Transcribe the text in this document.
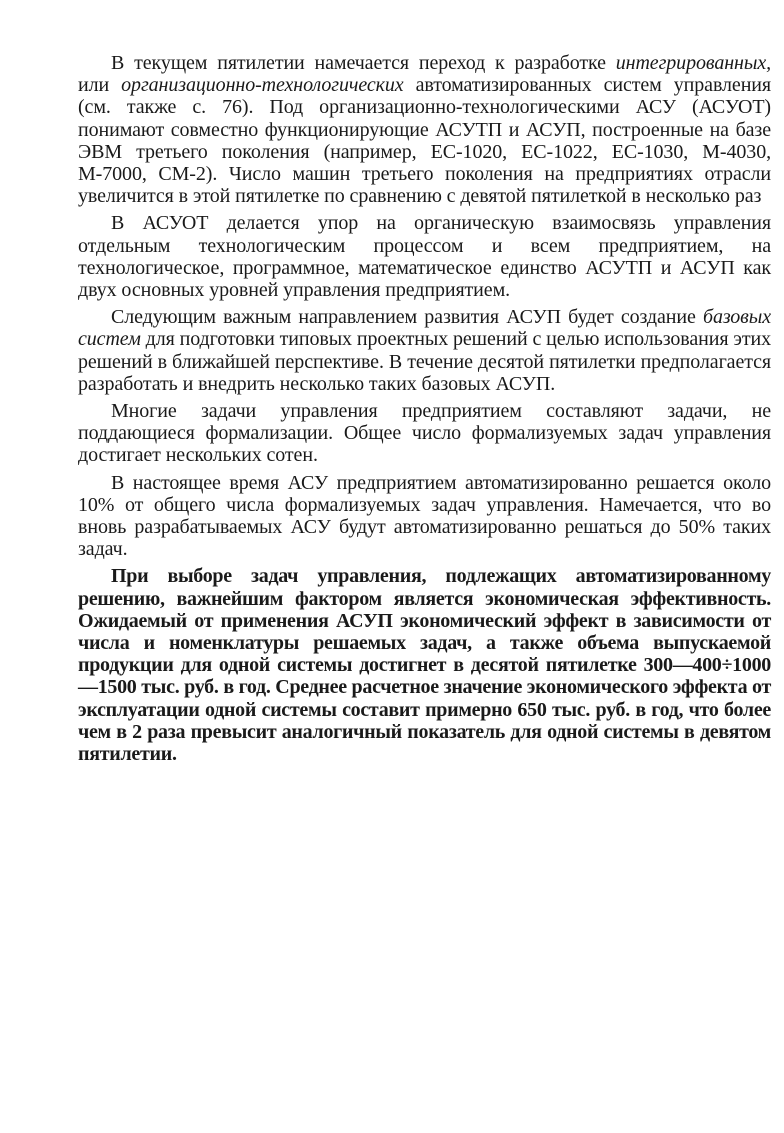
В текущем пятилетии намечается переход к разработке интегрированных, или организационно-технологических автоматизированных систем управления (см. также с. 76). Под организационно-технологическими АСУ (АСУОТ) понимают совместно функционирующие АСУТП и АСУП, построенные на базе ЭВМ третьего поколения (например, ЕС-1020, ЕС-1022, ЕС-1030, М-4030, М-7000, СМ-2). Число машин третьего поколения на предприятиях отрасли увеличится в этой пятилетке по сравнению с девятой пятилеткой в несколько раз

В АСУОТ делается упор на органическую взаимосвязь управления отдельным технологическим процессом и всем предприятием, на технологическое, программное, математическое единство АСУТП и АСУП как двух основных уровней управления предприятием.

Следующим важным направлением развития АСУП будет создание базовых систем для подготовки типовых проектных решений с целью использования этих решений в ближайшей перспективе. В течение десятой пятилетки предполагается разработать и внедрить несколько таких базовых АСУП.

Многие задачи управления предприятием составляют задачи, не поддающиеся формализации. Общее число формализуемых задач управления достигает нескольких сотен.

В настоящее время АСУ предприятием автоматизированно решается около 10% от общего числа формализуемых задач управления. Намечается, что во вновь разрабатываемых АСУ будут автоматизированно решаться до 50% таких задач.

При выборе задач управления, подлежащих автоматизированному решению, важнейшим фактором является экономическая эффективность. Ожидаемый от применения АСУП экономический эффект в зависимости от числа и номенклатуры решаемых задач, а также объема выпускаемой продукции для одной системы достигнет в десятой пятилетке 300—400÷1000—1500 тыс. руб. в год. Среднее расчетное значение экономического эффекта от эксплуатации одной системы составит примерно 650 тыс. руб. в год, что более чем в 2 раза превысит аналогичный показатель для одной системы в девятом пятилетии.
